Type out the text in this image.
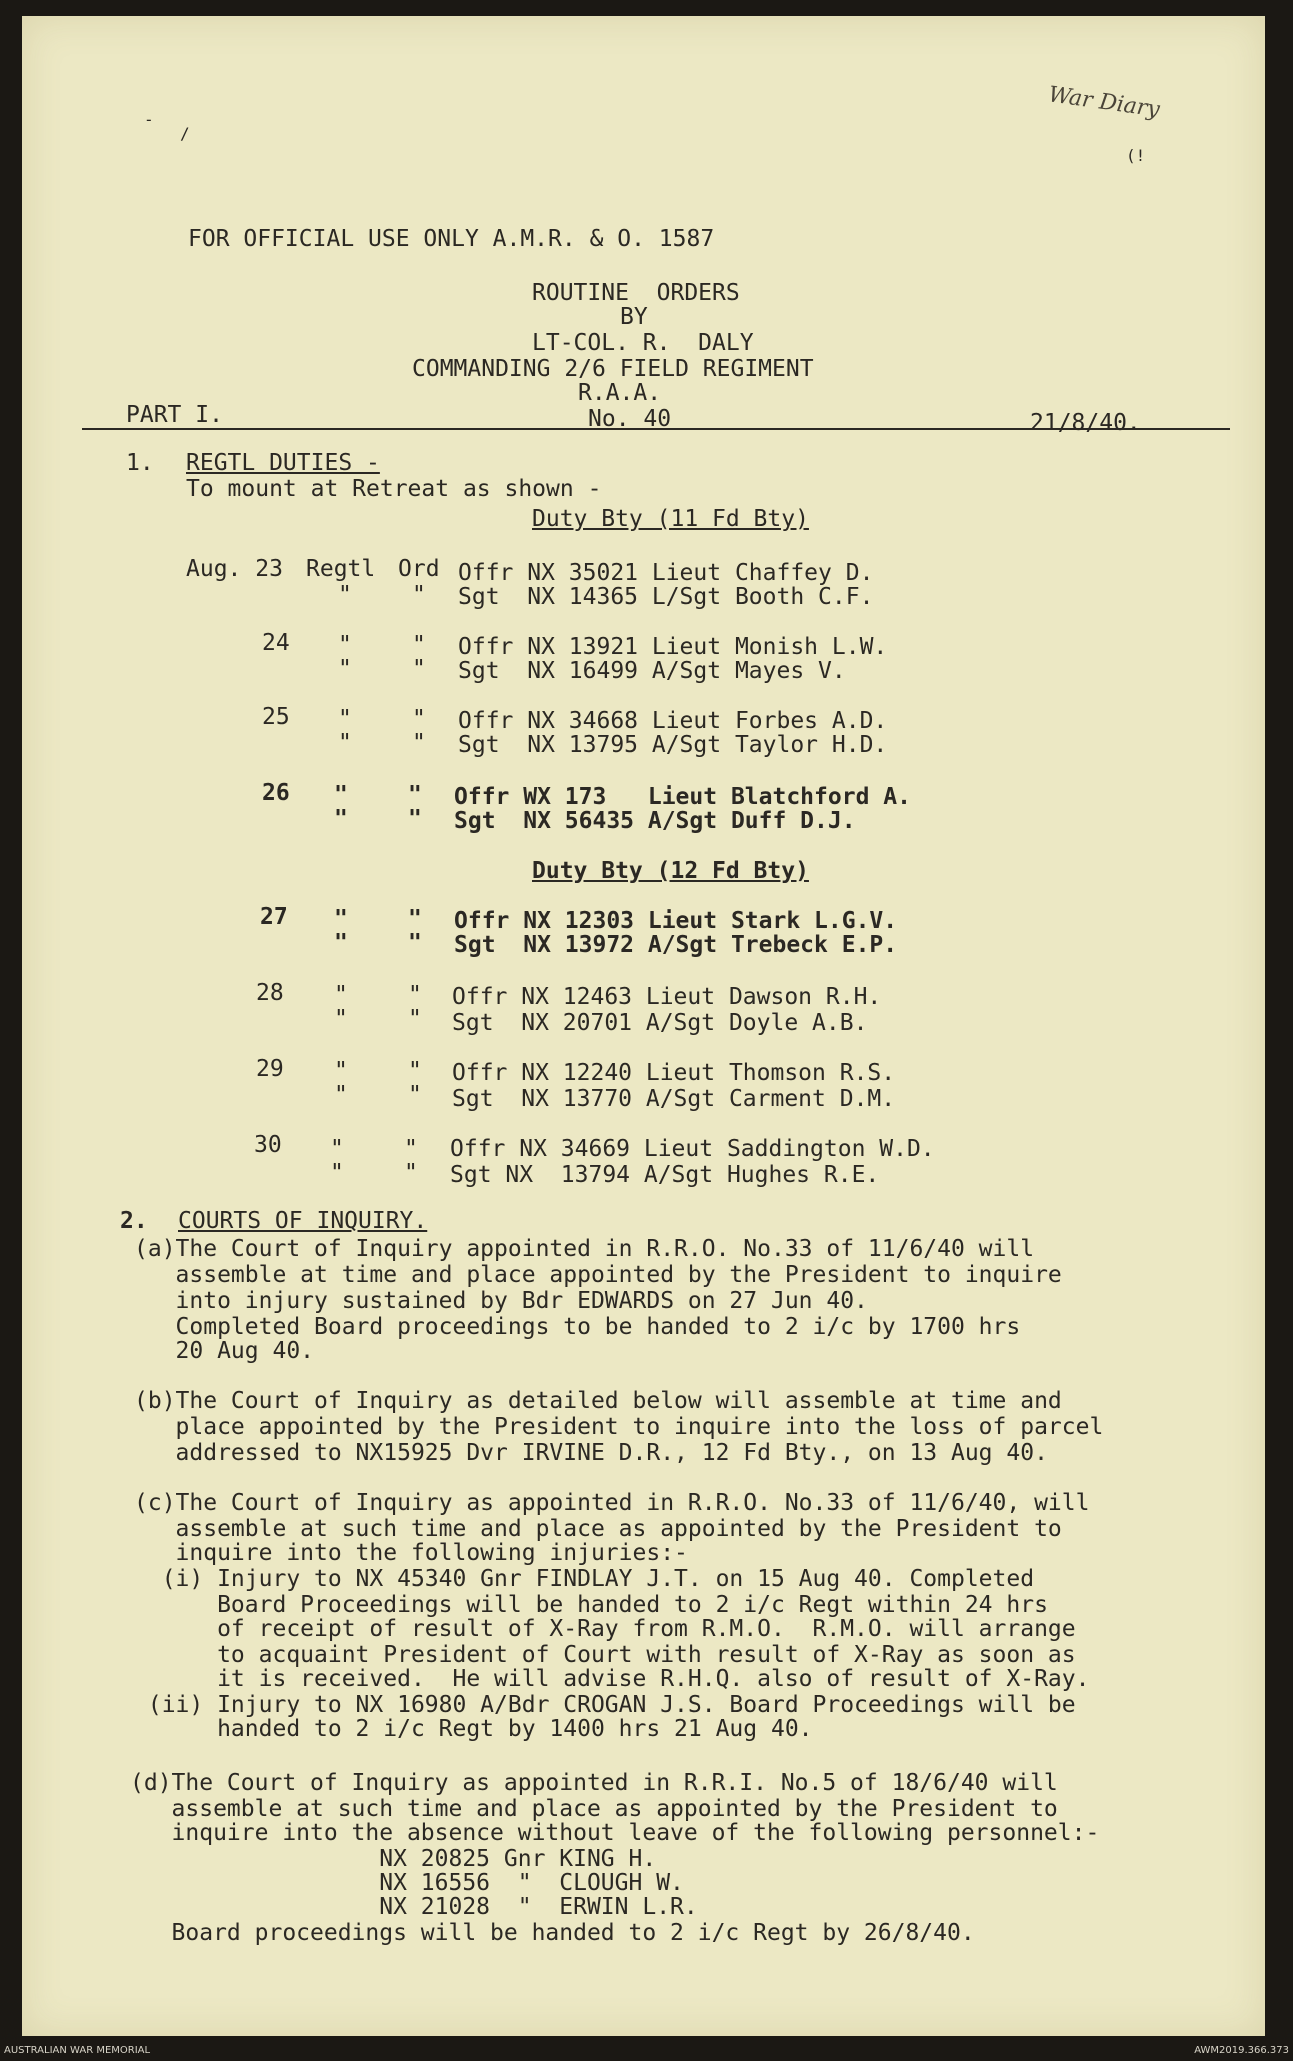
-
/
War Diary
(!
FOR OFFICIAL USE ONLY A.M.R. & O. 1587
ROUTINE  ORDERS
BY
LT-COL. R.  DALY
COMMANDING 2/6 FIELD REGIMENT
R.A.A.
PART I.	No. 40	21/8/40.
1. REGTL DUTIES -
To mount at Retreat as shown -
Duty Bty (11 Fd Bty)
Aug. 23 Regtl Ord Offr NX 35021 Lieut Chaffey D.
"	" Sgt  NX 14365 L/Sgt Booth C.F.
24 "	" Offr NX 13921 Lieut Monish L.W.
"	" Sgt  NX 16499 A/Sgt Mayes V.
25 "	" Offr NX 34668 Lieut Forbes A.D.
"	" Sgt  NX 13795 A/Sgt Taylor H.D.
26 "	" Offr WX 173   Lieut Blatchford A.
"	" Sgt  NX 56435 A/Sgt Duff D.J.
Duty Bty (12 Fd Bty)
27 "	" Offr NX 12303 Lieut Stark L.G.V.
"	" Sgt  NX 13972 A/Sgt Trebeck E.P.
28 "	" Offr NX 12463 Lieut Dawson R.H.
"	" Sgt  NX 20701 A/Sgt Doyle A.B.
29 "	" Offr NX 12240 Lieut Thomson R.S.
"	" Sgt  NX 13770 A/Sgt Carment D.M.
30 "	" Offr NX 34669 Lieut Saddington W.D.
"	" Sgt NX  13794 A/Sgt Hughes R.E.
2. COURTS OF INQUIRY.
(a)The Court of Inquiry appointed in R.R.O. No.33 of 11/6/40 will
assemble at time and place appointed by the President to inquire
into injury sustained by Bdr EDWARDS on 27 Jun 40.
Completed Board proceedings to be handed to 2 i/c by 1700 hrs
20 Aug 40.
(b)The Court of Inquiry as detailed below will assemble at time and
place appointed by the President to inquire into the loss of parcel
addressed to NX15925 Dvr IRVINE D.R., 12 Fd Bty., on 13 Aug 40.
(c)The Court of Inquiry as appointed in R.R.O. No.33 of 11/6/40, will
assemble at such time and place as appointed by the President to
inquire into the following injuries:-
(i) Injury to NX 45340 Gnr FINDLAY J.T. on 15 Aug 40. Completed
Board Proceedings will be handed to 2 i/c Regt within 24 hrs
of receipt of result of X-Ray from R.M.O.  R.M.O. will arrange
to acquaint President of Court with result of X-Ray as soon as
it is received.  He will advise R.H.Q. also of result of X-Ray.
(ii) Injury to NX 16980 A/Bdr CROGAN J.S. Board Proceedings will be
handed to 2 i/c Regt by 1400 hrs 21 Aug 40.
(d)The Court of Inquiry as appointed in R.R.I. No.5 of 18/6/40 will
assemble at such time and place as appointed by the President to
inquire into the absence without leave of the following personnel:-
NX 20825 Gnr KING H.
NX 16556  "  CLOUGH W.
NX 21028  "  ERWIN L.R.
Board proceedings will be handed to 2 i/c Regt by 26/8/40.
AUSTRALIAN WAR MEMORIAL	AWM2019.366.373
